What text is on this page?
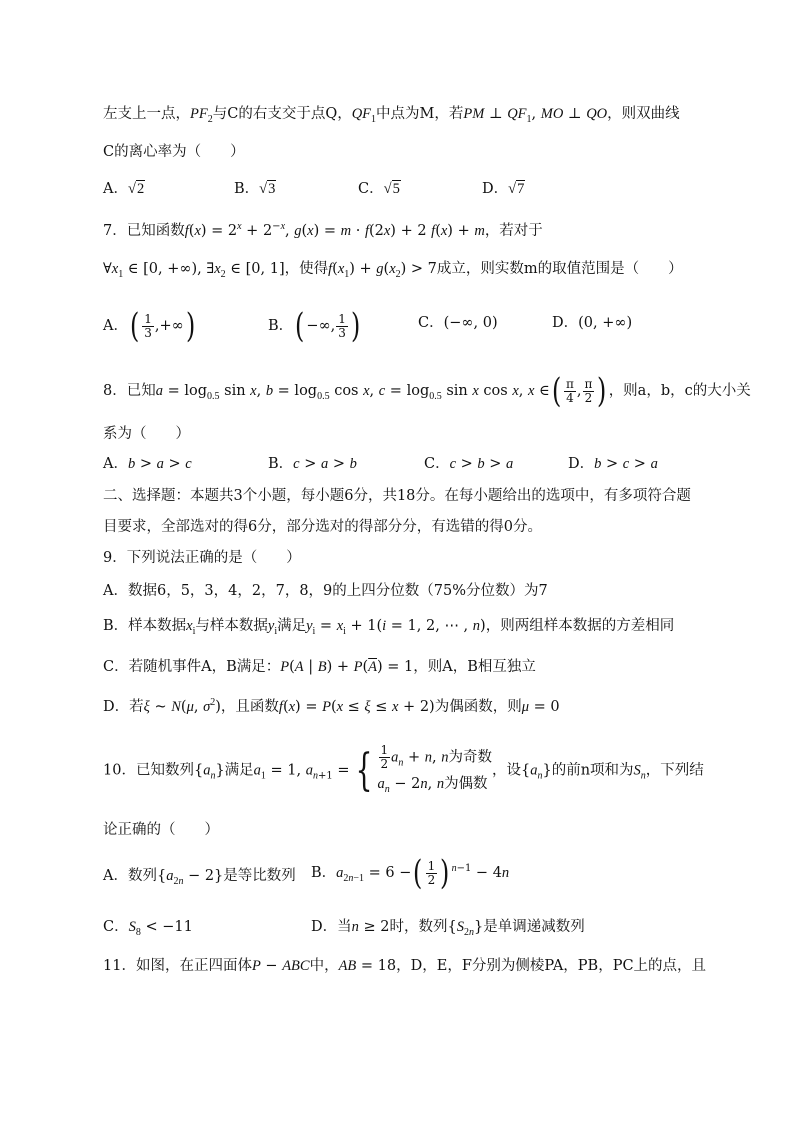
左支上一点，$PF_2$与C的右支交于点Q，$QF_1$中点为M，若PM ⊥ $QF_1$, MO ⊥ QO，则双曲线
C的离心率为（　　）
A．√2	B．√3	C．√5	D．√7
7．已知函数$f(x) = 2^x + 2^{-x}$, g(x) = m · f(2x) + 2 f(x) + m，若对于
$\forall x_1$ ∈ [0, +∞), $\exists x_2$ ∈ [0, 1]，使得$f(x_1) + g(x_2) > 7$成立，则实数m的取值范围是（　　）
A．( $\frac{1}{3}$ ,+∞)	B．( −∞, $\frac{1}{3}$ )	C．(−∞, 0)	D．(0, +∞)
8．已知$a = \log_{0.5} \sin x$, $b = \log_{0.5} \cos x$, $c = \log_{0.5} \sin x$ cos x, x ∈( $\frac{\pi}{4}$ , $\frac{\pi}{2}$ ) ，则a，b，c的大小关
系为（　　）
A．b > a > c	B．c > a > b	C．c > b > a	D．b > c > a
二、选择题：本题共3个小题，每小题6分，共18分。在每小题给出的选项中，有多项符合题
目要求，全部选对的得6分，部分选对的得部分分，有选错的得0分。
9．下列说法正确的是（　　）
A．数据6，5，3，4，2，7，8，9的上四分位数（75%分位数）为7
B．样本数据$x_i$与样本数据$y_i$满足$y_i = x_i + 1(i = 1$, 2, ⋯ , n)，则两组样本数据的方差相同
C．若随机事件A，B满足：P(A | $B) + P(\overline{A}) = 1$，则A，B相互独立
D．若ξ ~ N(μ, $\sigma^2$)，且函数f(x) = P(x ≤ ξ ≤ x + 2)为偶函数，则μ = 0
10．已知数列$\{a_n\}$满足$a_1 = 1$, $a_{n+1}$ = { $\frac{1}{2} a_n + n$, n为奇数
$a_n - 2n$, n为偶数
，设$\{a_n\}$的前n项和为$S_n$，下列结
论正确的（　　）
A．数列$\{a_{2n} - 2\}$是等比数列 B．$a_{2n-1} = 6$ −( $\frac{1}{2}$ ) $^{n-1}$ − 4n
C．$S_8 < -11$	D．当n ≥ 2时，数列$\{S_{2n}\}$是单调递减数列
11．如图，在正四面体P − ABC中，AB = 18，D，E，F分别为侧棱PA，PB，PC上的点，且
